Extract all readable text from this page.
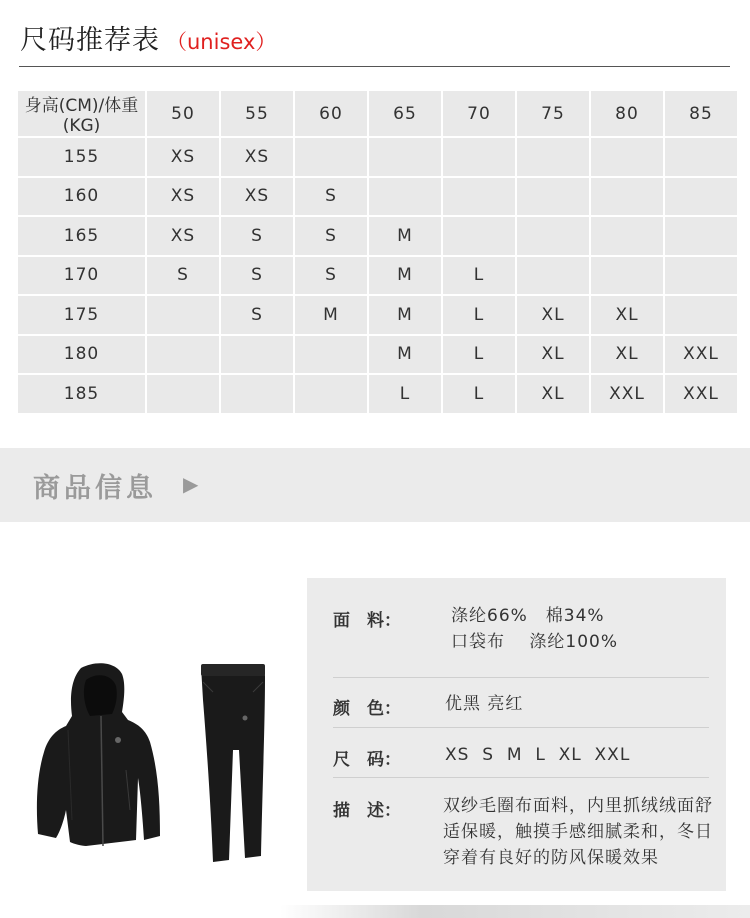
尺码推荐表 （unisex）
身高(CM)/体重(KG)	50	55	60	65	70	75	80	85
155	XS	XS						
160	XS	XS	S					
165	XS	S	S	M				
170	S	S	S	M	L			
175		S	M	M	L	XL	XL	
180				M	L	XL	XL	XXL
185				L	L	XL	XXL	XXL
商品信息 ▶
面　料：	涤纶66%　棉34%
口袋布　 涤纶100%
颜　色：	优黑 亮红
尺　码：	XS  S  M  L  XL  XXL
描　述： 双纱毛圈布面料，内里抓绒绒面舒
适保暖，触摸手感细腻柔和，冬日
穿着有良好的防风保暖效果
